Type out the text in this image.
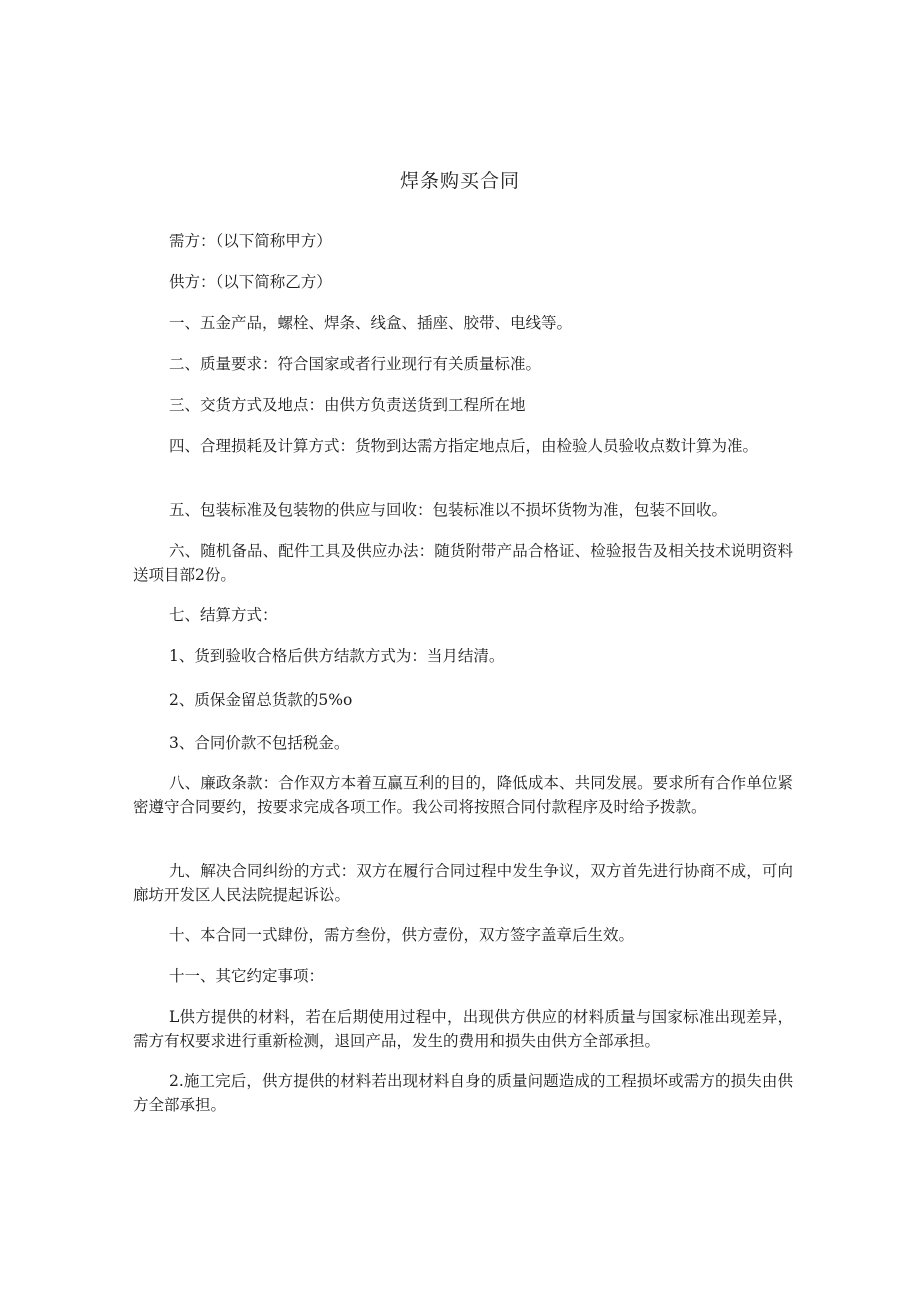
焊条购买合同
需方：（以下简称甲方）
供方：（以下简称乙方）
一、五金产品，螺栓、焊条、线盒、插座、胶带、电线等。
二、质量要求：符合国家或者行业现行有关质量标准。
三、交货方式及地点：由供方负责送货到工程所在地
四、合理损耗及计算方式：货物到达需方指定地点后，由检验人员验收点数计算为准。
五、包装标准及包装物的供应与回收：包装标准以不损坏货物为准，包装不回收。
六、随机备品、配件工具及供应办法：随货附带产品合格证、检验报告及相关技术说明资料送项目部2份。
七、结算方式：
1、货到验收合格后供方结款方式为：当月结清。
2、质保金留总货款的5%o
3、合同价款不包括税金。
八、廉政条款：合作双方本着互赢互利的目的，降低成本、共同发展。要求所有合作单位紧密遵守合同要约，按要求完成各项工作。我公司将按照合同付款程序及时给予拨款。
九、解决合同纠纷的方式：双方在履行合同过程中发生争议，双方首先进行协商不成，可向廊坊开发区人民法院提起诉讼。
十、本合同一式肆份，需方叁份，供方壹份，双方签字盖章后生效。
十一、其它约定事项：
L供方提供的材料，若在后期使用过程中，出现供方供应的材料质量与国家标准出现差异，需方有权要求进行重新检测，退回产品，发生的费用和损失由供方全部承担。
2.施工完后，供方提供的材料若出现材料自身的质量问题造成的工程损坏或需方的损失由供方全部承担。
